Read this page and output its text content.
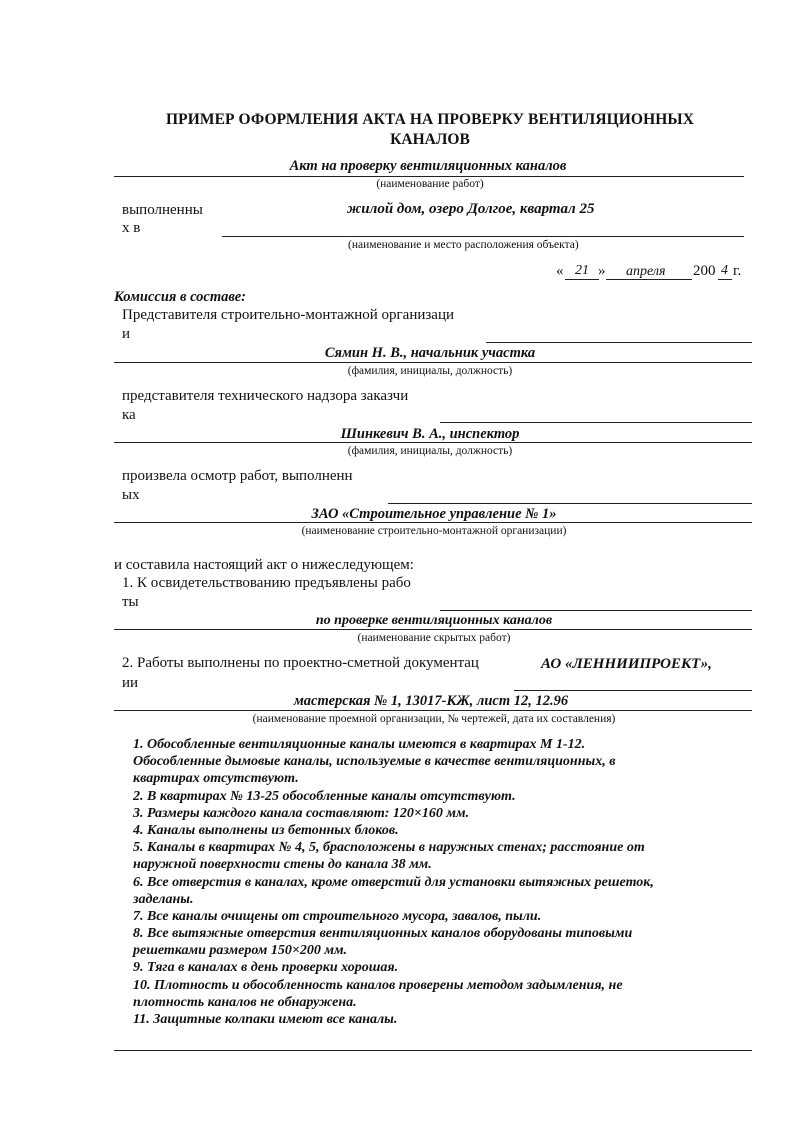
ПРИМЕР ОФОРМЛЕНИЯ АКТА НА ПРОВЕРКУ ВЕНТИЛЯЦИОННЫХ
КАНАЛОВ
Акт на проверку вентиляционных каналов
(наименование работ)
выполненны
х в
жилой дом, озеро Долгое, квартал 25
(наименование и место расположения объекта)
« 21 » апреля 200 4 г.
Комиссия в составе:
Представителя строительно-монтажной организаци
и
Сямин Н. В., начальник участка
(фамилия, инициалы, должность)
представителя технического надзора заказчи
ка
Шинкевич В. А., инспектор
(фамилия, инициалы, должность)
произвела осмотр работ, выполненн
ых
ЗАО «Строительное управление № 1»
(наименование строительно-монтажной организации)
и составила настоящий акт о нижеследующем:
1. К освидетельствованию предъявлены рабо
ты
по проверке вентиляционных каналов
(наименование скрытых работ)
2. Работы выполнены по проектно-сметной документац
ии
АО «ЛЕННИИПРОЕКТ»,
мастерская № 1, 13017-КЖ, лист 12, 12.96
(наименование проемной организации, № чертежей, дата их составления)
1. Обособленные вентиляционные каналы имеются в квартирах М 1-12.
Обособленные дымовые каналы, используемые в качестве вентиляционных, в
квартирах отсутствуют.
2. В квартирах № 13-25 обособленные каналы отсутствуют.
3. Размеры каждого канала составляют: 120×160 мм.
4. Каналы выполнены из бетонных блоков.
5. Каналы в квартирах № 4, 5, брасположены в наружных стенах; расстояние от
наружной поверхности стены до канала 38 мм.
6. Все отверстия в каналах, кроме отверстий для установки вытяжных решеток,
заделаны.
7. Все каналы очищены от строительного мусора, завалов, пыли.
8. Все вытяжные отверстия вентиляционных каналов оборудованы типовыми
решетками размером 150×200 мм.
9. Тяга в каналах в день проверки хорошая.
10. Плотность и обособленность каналов проверены методом задымления, не
плотность каналов не обнаружена.
11. Защитные колпаки имеют все каналы.
